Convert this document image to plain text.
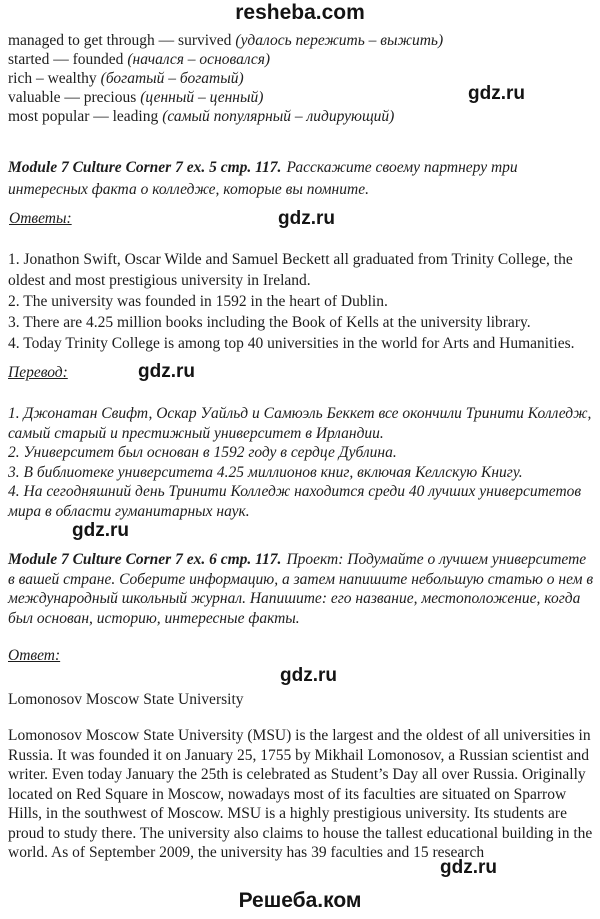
resheba.com
managed to get through — survived (удалось пережить – выжить)
started — founded (начался – основался)
rich – wealthy (богатый – богатый)
valuable — precious (ценный – ценный)
most popular — leading (самый популярный – лидирующий)
gdz.ru
Module 7 Culture Corner 7 ex. 5 стр. 117. Расскажите своему партнеру три интересных факта о колледже, которые вы помните.
Ответы:	gdz.ru
1. Jonathon Swift, Oscar Wilde and Samuel Beckett all graduated from Trinity College, the oldest and most prestigious university in Ireland.
2. The university was founded in 1592 in the heart of Dublin.
3. There are 4.25 million books including the Book of Kells at the university library.
4. Today Trinity College is among top 40 universities in the world for Arts and Humanities.
Перевод:	gdz.ru
1. Джонатан Свифт, Оскар Уайльд и Самюэль Беккет все окончили Тринити Колледж, самый старый и престижный университет в Ирландии.
2. Университет был основан в 1592 году в сердце Дублина.
3. В библиотеке университета 4.25 миллионов книг, включая Келлскую Книгу.
4. На сегодняшний день Тринити Колледж находится среди 40 лучших университетов мира в области гуманитарных наук.
gdz.ru
Module 7 Culture Corner 7 ex. 6 стр. 117. Проект: Подумайте о лучшем университете в вашей стране. Соберите информацию, а затем напишите небольшую статью о нем в международный школьный журнал. Напишите: его название, местоположение, когда был основан, историю, интересные факты.
Ответ:
gdz.ru
Lomonosov Moscow State University
Lomonosov Moscow State University (MSU) is the largest and the oldest of all universities in Russia. It was founded it on January 25, 1755 by Mikhail Lomonosov, a Russian scientist and writer. Even today January the 25th is celebrated as Student’s Day all over Russia. Originally located on Red Square in Moscow, nowadays most of its faculties are situated on Sparrow Hills, in the southwest of Moscow. MSU is a highly prestigious university. Its students are proud to study there. The university also claims to house the tallest educational building in the world. As of September 2009, the university has 39 faculties and 15 research
gdz.ru
Решеба.ком
